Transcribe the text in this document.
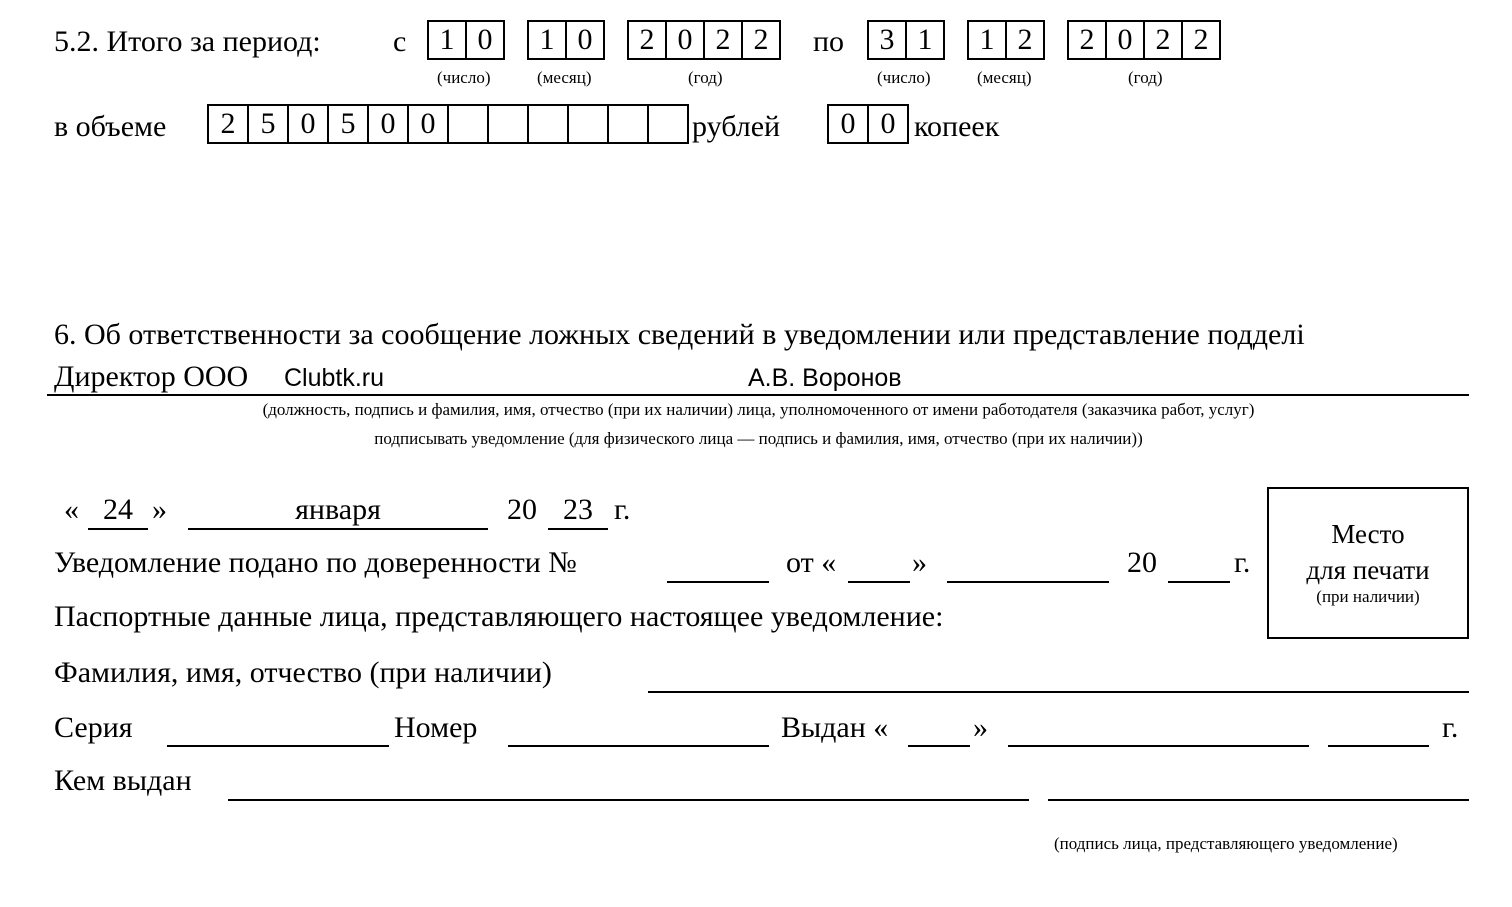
5.2. Итого за период: с	1 0	1 0	2 0 2 2	по	3 1	1 2	2 0 2 2
(число)	(месяц)	(год)	(число)	(месяц)	(год)
в объеме	2 5 0 5 0 0	рублей	0 0 копеек
6. Об ответственности за сообщение ложных сведений в уведомлении или представление подделі
Директор ООО Clubtk.ru	А.В. Воронов
(должность, подпись и фамилия, имя, отчество (при их наличии) лица, уполномоченного от имени работодателя (заказчика работ, услуг)
подписывать уведомление (для физического лица — подпись и фамилия, имя, отчество (при их наличии))
« 24 »	января	20 23 г.
Место
для печати
(при наличии)
Уведомление подано по доверенности №	от «	»	20	г.
Паспортные данные лица, представляющего настоящее уведомление:
Фамилия, имя, отчество (при наличии)
Серия	Номер	Выдан «	»	г.
Кем выдан
(подпись лица, представляющего уведомление)
